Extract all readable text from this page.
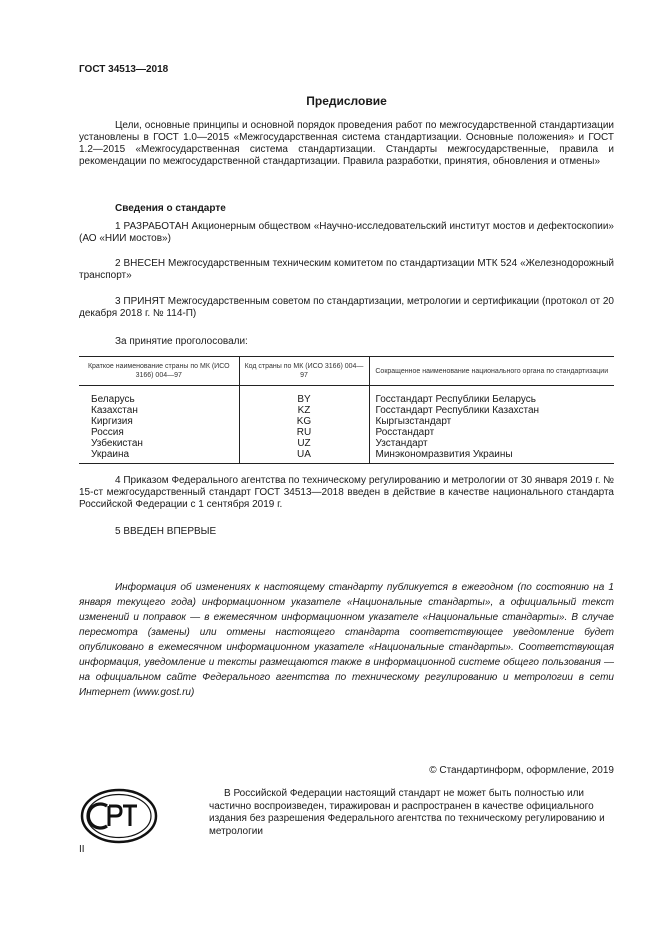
ГОСТ 34513—2018
Предисловие

Цели, основные принципы и основной порядок проведения работ по межгосударственной стандартизации установлены в ГОСТ 1.0—2015 «Межгосударственная система стандартизации. Основные положения» и ГОСТ 1.2—2015 «Межгосударственная система стандартизации. Стандарты межгосударственные, правила и рекомендации по межгосударственной стандартизации. Правила разработки, принятия, обновления и отмены»

Сведения о стандарте

1 РАЗРАБОТАН Акционерным обществом «Научно-исследовательский институт мостов и дефектоскопии» (АО «НИИ мостов»)

2 ВНЕСЕН Межгосударственным техническим комитетом по стандартизации МТК 524 «Железнодорожный транспорт»

3 ПРИНЯТ Межгосударственным советом по стандартизации, метрологии и сертификации (протокол от 20 декабря 2018 г. № 114-П)

За принятие проголосовали:
Краткое наименование страны по МК (ИСО 3166) 004—97	Код страны по МК (ИСО 3166) 004—97	Сокращенное наименование национального органа по стандартизации
Беларусь	BY	Госстандарт Республики Беларусь
Казахстан	KZ	Госстандарт Республики Казахстан
Киргизия	KG	Кыргызстандарт
Россия	RU	Росстандарт
Узбекистан	UZ	Узстандарт
Украина	UA	Минэкономразвития Украины

4 Приказом Федерального агентства по техническому регулированию и метрологии от 30 января 2019 г. № 15-ст межгосударственный стандарт ГОСТ 34513—2018 введен в действие в качестве национального стандарта Российской Федерации с 1 сентября 2019 г.

5 ВВЕДЕН ВПЕРВЫЕ

Информация об изменениях к настоящему стандарту публикуется в ежегодном (по состоянию на 1 января текущего года) информационном указателе «Национальные стандарты», а официальный текст изменений и поправок — в ежемесячном информационном указателе «Национальные стандарты». В случае пересмотра (замены) или отмены настоящего стандарта соответствующее уведомление будет опубликовано в ежемесячном информационном указателе «Национальные стандарты». Соответствующая информация, уведомление и тексты размещаются также в информационной системе общего пользования — на официальном сайте Федерального агентства по техническому регулированию и метрологии в сети Интернет (www.gost.ru)

© Стандартинформ, оформление, 2019

В Российской Федерации настоящий стандарт не может быть полностью или частично воспроизведен, тиражирован и распространен в качестве официального издания без разрешения Федерального агентства по техническому регулированию и метрологии

II
